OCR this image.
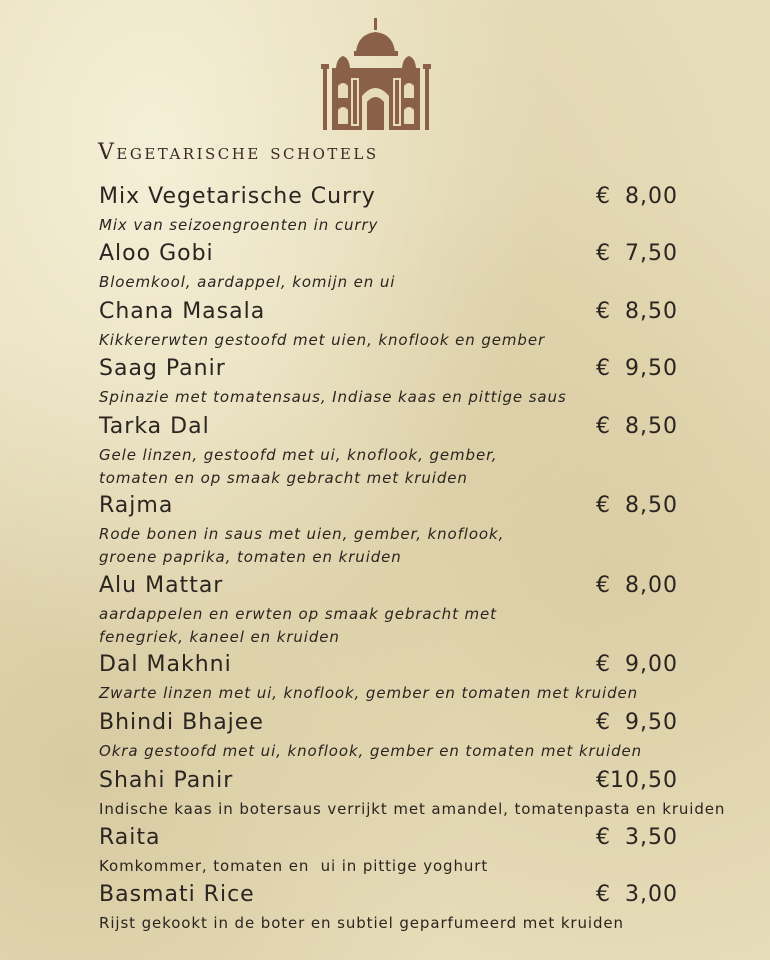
Vegetarische schotels
Mix Vegetarische Curry	€ 8,00
Mix van seizoengroenten in curry
Aloo Gobi	€ 7,50
Bloemkool, aardappel, komijn en ui
Chana Masala	€ 8,50
Kikkererwten gestoofd met uien, knoflook en gember
Saag Panir	€ 9,50
Spinazie met tomatensaus, Indiase kaas en pittige saus
Tarka Dal	€ 8,50
Gele linzen, gestoofd met ui, knoflook, gember,
tomaten en op smaak gebracht met kruiden
Rajma	€ 8,50
Rode bonen in saus met uien, gember, knoflook,
groene paprika, tomaten en kruiden
Alu Mattar	€ 8,00
aardappelen en erwten op smaak gebracht met
fenegriek, kaneel en kruiden
Dal Makhni	€ 9,00
Zwarte linzen met ui, knoflook, gember en tomaten met kruiden
Bhindi Bhajee	€ 9,50
Okra gestoofd met ui, knoflook, gember en tomaten met kruiden
Shahi Panir	€ 10,50
Indische kaas in botersaus verrijkt met amandel, tomatenpasta en kruiden
Raita	€ 3,50
Komkommer, tomaten en  ui in pittige yoghurt
Basmati Rice	€ 3,00
Rijst gekookt in de boter en subtiel geparfumeerd met kruiden
